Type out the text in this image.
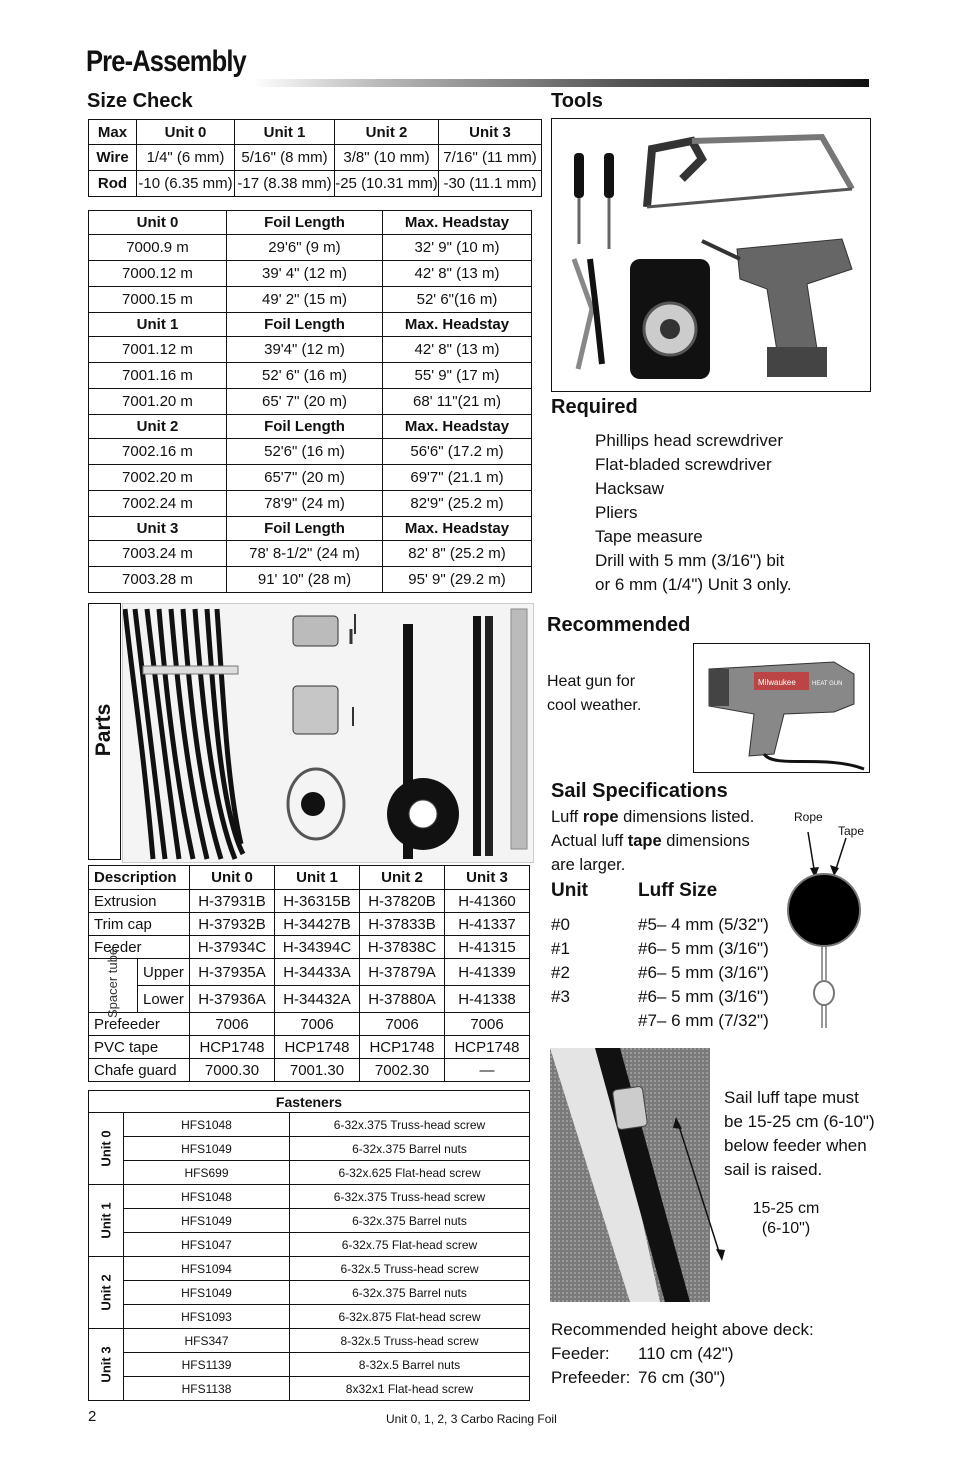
Pre-Assembly
Size Check
Max	Unit 0	Unit 1	Unit 2	Unit 3
Wire	1/4" (6 mm)	5/16" (8 mm)	3/8" (10 mm)	7/16" (11 mm)
Rod	-10 (6.35 mm)	-17 (8.38 mm)	-25 (10.31 mm)	-30 (11.1 mm)
Unit 0	Foil Length	Max. Headstay
7000.9 m	29'6" (9 m)	32' 9" (10 m)
7000.12 m	39' 4" (12 m)	42' 8" (13 m)
7000.15 m	49' 2" (15 m)	52' 6"(16 m)
Unit 1	Foil Length	Max. Headstay
7001.12 m	39'4" (12 m)	42' 8" (13 m)
7001.16 m	52' 6" (16 m)	55' 9" (17 m)
7001.20 m	65' 7" (20 m)	68' 11"(21 m)
Unit 2	Foil Length	Max. Headstay
7002.16 m	52'6" (16 m)	56'6" (17.2 m)
7002.20 m	65'7" (20 m)	69'7" (21.1 m)
7002.24 m	78'9" (24 m)	82'9" (25.2 m)
Unit 3	Foil Length	Max. Headstay
7003.24 m	78' 8-1/2" (24 m)	82' 8" (25.2 m)
7003.28 m	91' 10" (28 m)	95' 9" (29.2 m)
Parts
Description		Unit 0	Unit 1	Unit 2	Unit 3
Extrusion		H-37931B	H-36315B	H-37820B	H-41360
Trim cap		H-37932B	H-34427B	H-37833B	H-41337
Feeder		H-37934C	H-34394C	H-37838C	H-41315

Spacer tube	Upper	H-37935A	H-34433A	H-37879A	H-41339
	Lower	H-37936A	H-34432A	H-37880A	H-41338
Prefeeder		7006	7006	7006	7006
PVC tape		HCP1748	HCP1748	HCP1748	HCP1748
Chafe guard		7000.30	7001.30	7002.30	—
Fasteners		

Unit 0	HFS1048	6-32x.375 Truss-head screw
	HFS1049	6-32x.375 Barrel nuts
	HFS699	6-32x.625 Flat-head screw

Unit 1	HFS1048	6-32x.375 Truss-head screw
	HFS1049	6-32x.375 Barrel nuts
	HFS1047	6-32x.75 Flat-head screw

Unit 2	HFS1094	6-32x.5 Truss-head screw
	HFS1049	6-32x.375 Barrel nuts
	HFS1093	6-32x.875 Flat-head screw

Unit 3	HFS347	8-32x.5 Truss-head screw
	HFS1139	8-32x.5 Barrel nuts
	HFS1138	8x32x1 Flat-head screw
Tools
Required
Phillips head screwdriver
Flat-bladed screwdriver
Hacksaw
Pliers
Tape measure
Drill with 5 mm (3/16") bit
or 6 mm (1/4") Unit 3 only.
Recommended
Heat gun for
cool weather.
Milwaukee	HEAT GUN
Sail Specifications
Luff rope dimensions listed.
Actual luff tape dimensions
are larger.
Rope
Tape
Unit	Luff Size
#0	#5– 4 mm (5/32")
#1	#6– 5 mm (3/16")
#2	#6– 5 mm (3/16")
#3	#6– 5 mm (3/16")
#7– 6 mm (7/32")
Sail luff tape must
be 15-25 cm (6-10")
below feeder when
sail is raised.
15-25 cm
(6-10")
Recommended height above deck:
Feeder: 110 cm (42")
Prefeeder: 76 cm (30")
2	Unit 0, 1, 2, 3 Carbo Racing Foil
